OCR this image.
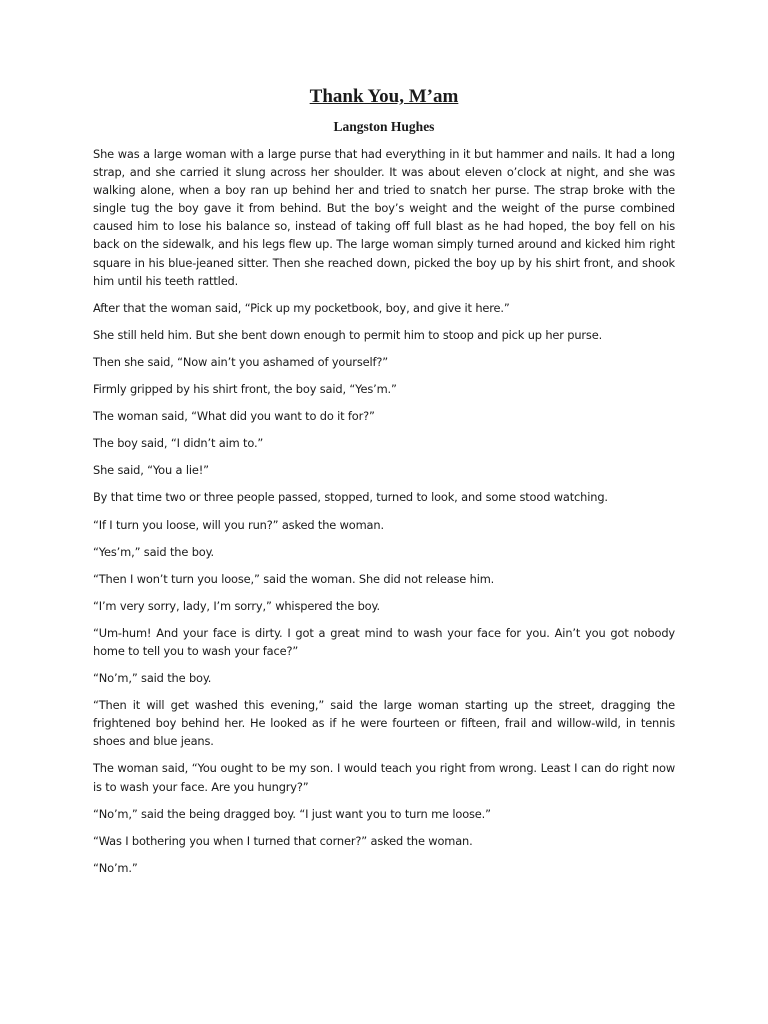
Thank You, M’am
Langston Hughes

She was a large woman with a large purse that had everything in it but hammer and nails. It had a long strap, and she carried it slung across her shoulder. It was about eleven o’clock at night, and she was walking alone, when a boy ran up behind her and tried to snatch her purse. The strap broke with the single tug the boy gave it from behind. But the boy’s weight and the weight of the purse combined caused him to lose his balance so, instead of taking off full blast as he had hoped, the boy fell on his back on the sidewalk, and his legs flew up. The large woman simply turned around and kicked him right square in his blue-jeaned sitter. Then she reached down, picked the boy up by his shirt front, and shook him until his teeth rattled.

After that the woman said, “Pick up my pocketbook, boy, and give it here.”

She still held him. But she bent down enough to permit him to stoop and pick up her purse.

Then she said, “Now ain’t you ashamed of yourself?”

Firmly gripped by his shirt front, the boy said, “Yes’m.”

The woman said, “What did you want to do it for?”

The boy said, “I didn’t aim to.”

She said, “You a lie!”

By that time two or three people passed, stopped, turned to look, and some stood watching.

“If I turn you loose, will you run?” asked the woman.

“Yes’m,” said the boy.

“Then I won’t turn you loose,” said the woman. She did not release him.

“I’m very sorry, lady, I’m sorry,” whispered the boy.

“Um-hum! And your face is dirty. I got a great mind to wash your face for you. Ain’t you got nobody home to tell you to wash your face?”

“No’m,” said the boy.

“Then it will get washed this evening,” said the large woman starting up the street, dragging the frightened boy behind her. He looked as if he were fourteen or fifteen, frail and willow-wild, in tennis shoes and blue jeans.

The woman said, “You ought to be my son. I would teach you right from wrong. Least I can do right now is to wash your face. Are you hungry?”

“No’m,” said the being dragged boy. “I just want you to turn me loose.”

“Was I bothering you when I turned that corner?” asked the woman.

“No’m.”
